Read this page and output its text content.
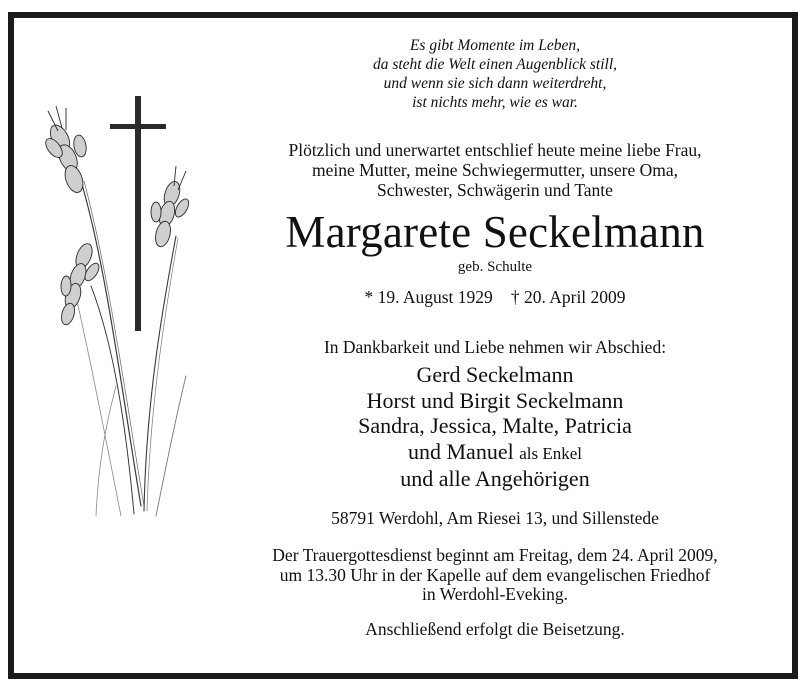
Es gibt Momente im Leben,
da steht die Welt einen Augenblick still,
und wenn sie sich dann weiterdreht,
ist nichts mehr, wie es war.
Plötzlich und unerwartet entschlief heute meine liebe Frau,
meine Mutter, meine Schwiegermutter, unsere Oma,
Schwester, Schwägerin und Tante
Margarete Seckelmann
geb. Schulte
* 19. August 1929 † 20. April 2009
In Dankbarkeit und Liebe nehmen wir Abschied:
Gerd Seckelmann
Horst und Birgit Seckelmann
Sandra, Jessica, Malte, Patricia
und Manuel als Enkel
und alle Angehörigen
58791 Werdohl, Am Riesei 13, und Sillenstede
Der Trauergottesdienst beginnt am Freitag, dem 24. April 2009,
um 13.30 Uhr in der Kapelle auf dem evangelischen Friedhof
in Werdohl-Eveking.
Anschließend erfolgt die Beisetzung.
